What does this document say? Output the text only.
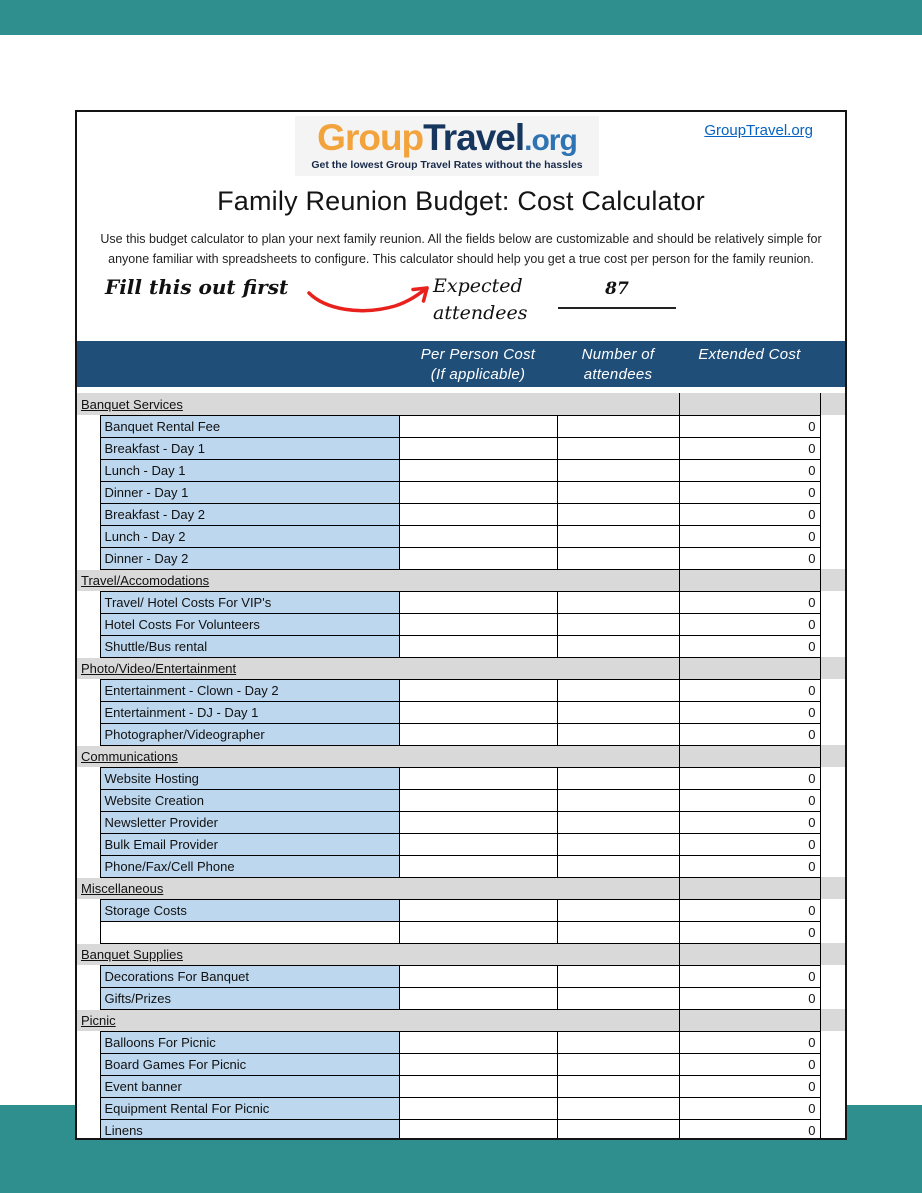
GroupTravel.org
GroupTravel.org
Get the lowest Group Travel Rates without the hassles
Family Reunion Budget: Cost Calculator

Use this budget calculator to plan your next family reunion. All the fields below are customizable and should be relatively simple for
anyone familiar with spreadsheets to configure. This calculator should help you get a true cost per person for the family reunion.

Fill this out first	Expected
attendees
87
Per Person Cost
(If applicable)
Number of
attendees
Extended Cost
Banquet Services					
	Banquet Rental Fee			0	
	Breakfast - Day 1			0	
	Lunch - Day 1			0	
	Dinner - Day 1			0	
	Breakfast - Day 2			0	
	Lunch - Day 2			0	
	Dinner - Day 2			0	
Travel/Accomodations					
	Travel/ Hotel Costs For VIP's			0	
	Hotel Costs For Volunteers			0	
	Shuttle/Bus rental			0	
Photo/Video/Entertainment					
	Entertainment - Clown - Day 2			0	
	Entertainment - DJ - Day 1			0	
	Photographer/Videographer			0	
Communications					
	Website Hosting			0	
	Website Creation			0	
	Newsletter Provider			0	
	Bulk Email Provider			0	
	Phone/Fax/Cell Phone			0	
Miscellaneous					
	Storage Costs			0	
				0	
Banquet Supplies					
	Decorations For Banquet			0	
	Gifts/Prizes			0	
Picnic					
	Balloons For Picnic			0	
	Board Games For Picnic			0	
	Event banner			0	
	Equipment Rental For Picnic			0	
	Linens			0	
